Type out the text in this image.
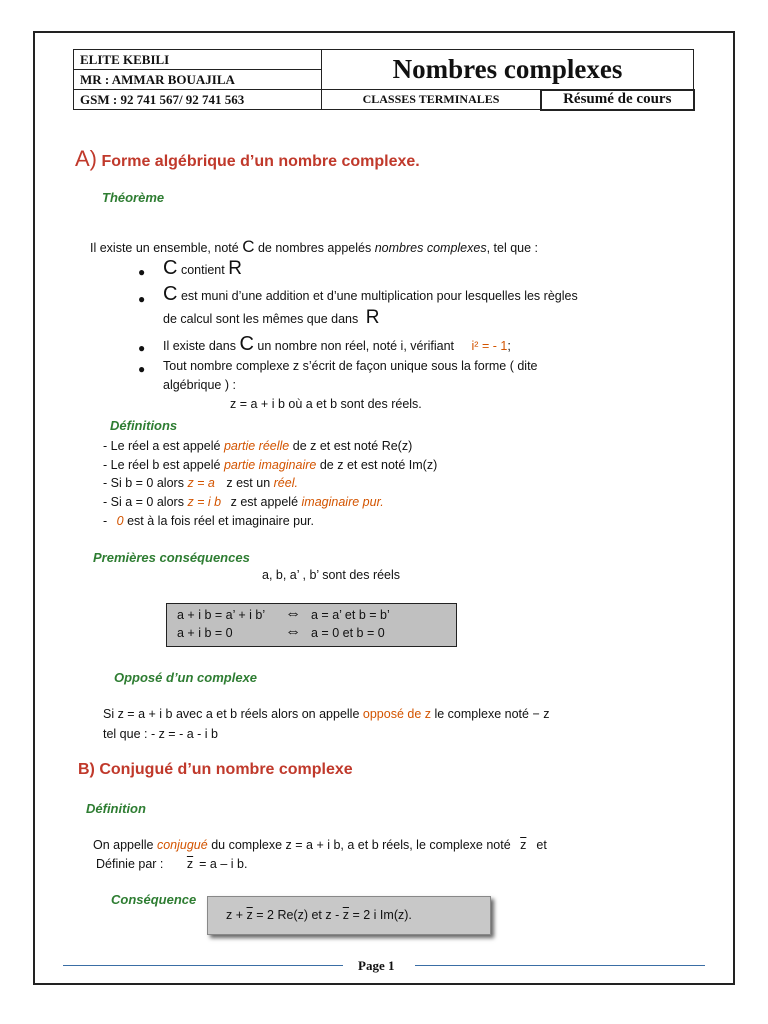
ELITE KEBILI	Nombres complexes	
MR : AMMAR BOUAJILA		
GSM : 92 741 567/ 92 741 563	CLASSES TERMINALES	Résumé de cours
A) Forme algébrique d’un nombre complexe.
Théorème
Il existe un ensemble, noté C de nombres appelés nombres complexes, tel que :
● C contient R
● C est muni d’une addition et d’une multiplication pour lesquelles les règles
de calcul sont les mêmes que dans R
● Il existe dans C un nombre non réel, noté i, vérifiant i² = - 1;
● Tout nombre complexe z s’écrit de façon unique sous la forme ( dite
algébrique ) :
z = a + i b où a et b sont des réels.
Définitions
- Le réel a est appelé partie réelle de z et est noté Re(z)
- Le réel b est appelé partie imaginaire de z et est noté Im(z)
- Si b = 0 alors z = a z est un réel.
- Si a = 0 alors z = i b z est appelé imaginaire pur.
- 0 est à la fois réel et imaginaire pur.
Premières conséquences
a, b, a’ , b’ sont des réels
a + i b = a’ + i b’ ⇔ a = a’ et b = b’
a + i b = 0	⇔ a = 0 et b = 0
Opposé d’un complexe
Si z = a + i b avec a et b réels alors on appelle opposé de z le complexe noté − z
tel que : - z = - a - i b
B) Conjugué d’un nombre complexe
Définition
On appelle conjugué du complexe z = a + i b, a et b réels, le complexe noté $\overline{z}$ et
Définie par : $\overline{z} = a - i$ b.
Conséquence
$z + \overline{z} = 2$ Re(z) et $z - \overline{z} = 2$ i Im(z).
Page 1
